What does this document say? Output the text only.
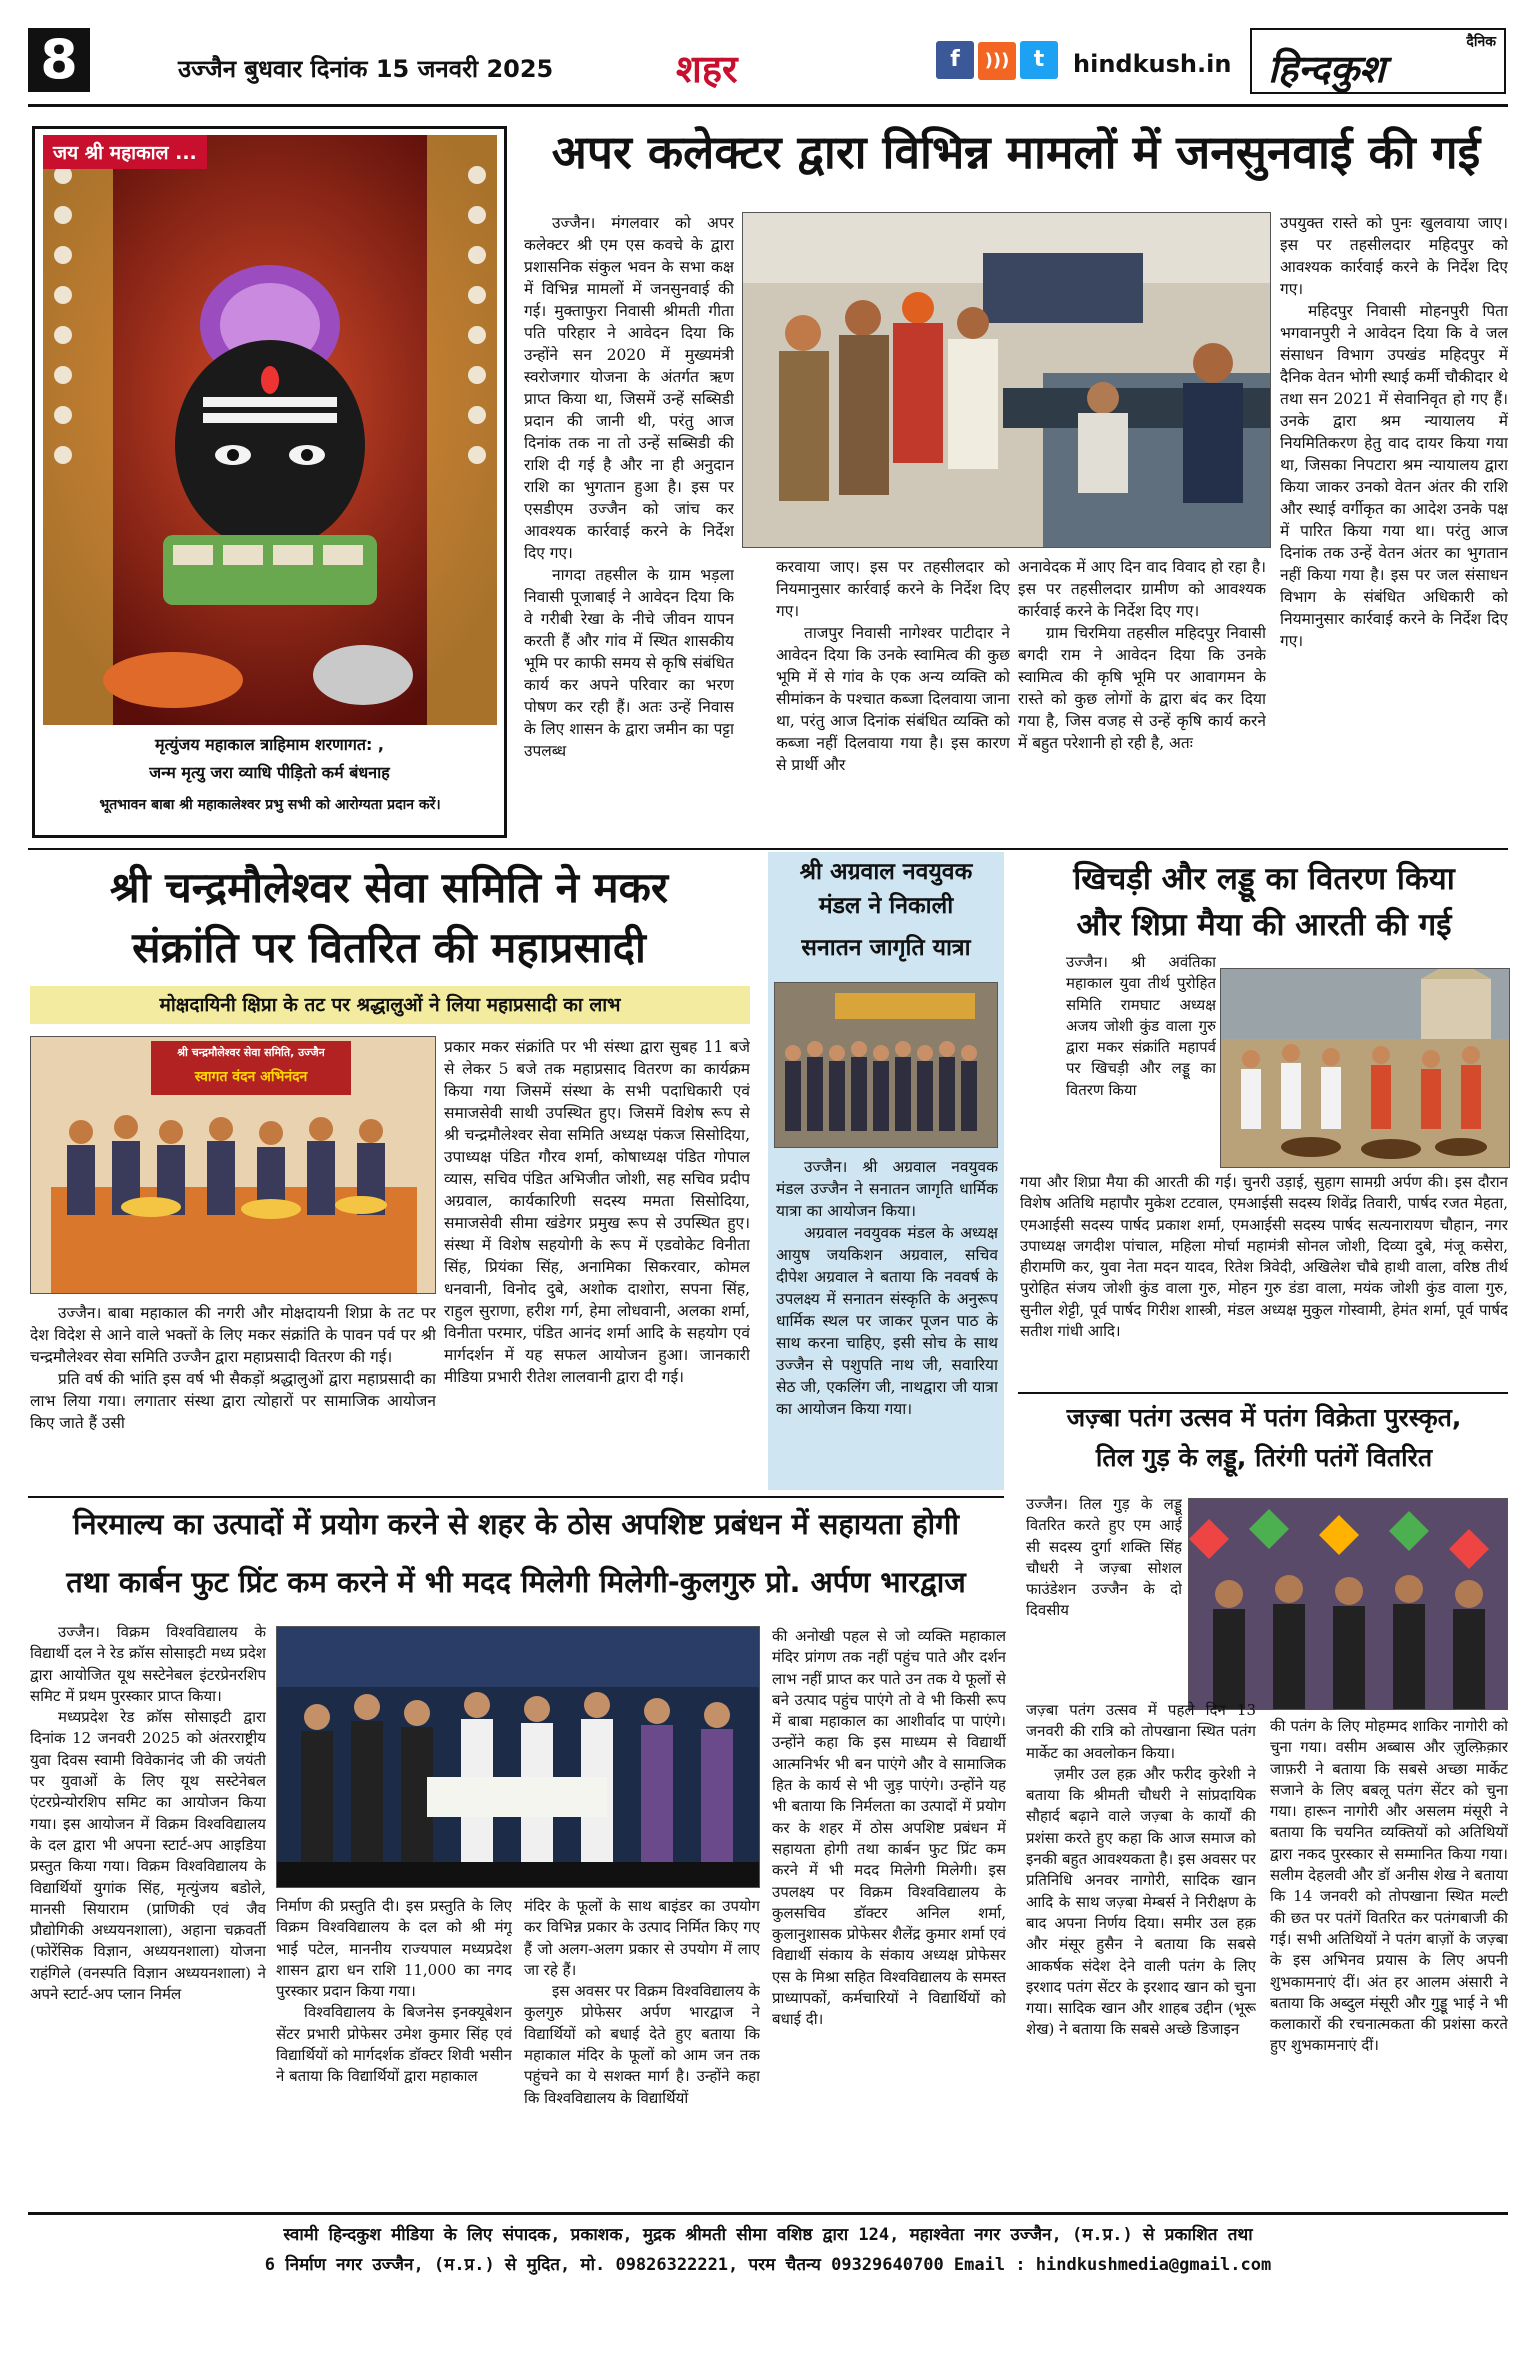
8	उज्जैन बुधवार दिनांक 15 जनवरी 2025	शहर	f ))) t	hindkush.in
दैनिक
हिन्दकुश
जय श्री महाकाल ...
मृत्युंजय महाकाल त्राहिमाम शरणागत: ,
जन्म मृत्यु जरा व्याधि पीड़ितो कर्म बंधनाह
भूतभावन बाबा श्री महाकालेश्वर प्रभु सभी को आरोग्यता प्रदान करें।
अपर कलेक्टर द्वारा विभिन्न मामलों में जनसुनवाई की गई

उज्जैन। मंगलवार को अपर कलेक्टर श्री एम एस कवचे के द्वारा प्रशासनिक संकुल भवन के सभा कक्ष में विभिन्न मामलों में जनसुनवाई की गई। मुक्ताफुरा निवासी श्रीमती गीता पति परिहार ने आवेदन दिया कि उन्होंने सन 2020 में मुख्यमंत्री स्वरोजगार योजना के अंतर्गत ऋण प्राप्त किया था, जिसमें उन्हें सब्सिडी प्रदान की जानी थी, परंतु आज दिनांक तक ना तो उन्हें सब्सिडी की राशि दी गई है और ना ही अनुदान राशि का भुगतान हुआ है। इस पर एसडीएम उज्जैन को जांच कर आवश्यक कार्रवाई करने के निर्देश दिए गए।

नागदा तहसील के ग्राम भड़ला निवासी पूजाबाई ने आवेदन दिया कि वे गरीबी रेखा के नीचे जीवन यापन करती हैं और गांव में स्थित शासकीय भूमि पर काफी समय से कृषि संबंधित कार्य कर अपने परिवार का भरण पोषण कर रही हैं। अतः उन्हें निवास के लिए शासन के द्वारा जमीन का पट्टा उपलब्ध

करवाया जाए। इस पर तहसीलदार को नियमानुसार कार्रवाई करने के निर्देश दिए गए।

ताजपुर निवासी नागेश्वर पाटीदार ने आवेदन दिया कि उनके स्वामित्व की कुछ भूमि में से गांव के एक अन्य व्यक्ति को सीमांकन के पश्चात कब्जा दिलवाया जाना था, परंतु आज दिनांक संबंधित व्यक्ति को कब्जा नहीं दिलवाया गया है। इस कारण से प्रार्थी और

अनावेदक में आए दिन वाद विवाद हो रहा है। इस पर तहसीलदार ग्रामीण को आवश्यक कार्रवाई करने के निर्देश दिए गए।

ग्राम चिरमिया तहसील महिदपुर निवासी बगदी राम ने आवेदन दिया कि उनके स्वामित्व की कृषि भूमि पर आवागमन के रास्ते को कुछ लोगों के द्वारा बंद कर दिया गया है, जिस वजह से उन्हें कृषि कार्य करने में बहुत परेशानी हो रही है, अतः

उपयुक्त रास्ते को पुनः खुलवाया जाए। इस पर तहसीलदार महिदपुर को आवश्यक कार्रवाई करने के निर्देश दिए गए।

महिदपुर निवासी मोहनपुरी पिता भगवानपुरी ने आवेदन दिया कि वे जल संसाधन विभाग उपखंड महिदपुर में दैनिक वेतन भोगी स्थाई कर्मी चौकीदार थे तथा सन 2021 में सेवानिवृत हो गए हैं। उनके द्वारा श्रम न्यायालय में नियमितिकरण हेतु वाद दायर किया गया था, जिसका निपटारा श्रम न्यायालय द्वारा किया जाकर उनको वेतन अंतर की राशि और स्थाई वर्गीकृत का आदेश उनके पक्ष में पारित किया गया था। परंतु आज दिनांक तक उन्हें वेतन अंतर का भुगतान नहीं किया गया है। इस पर जल संसाधन विभाग के संबंधित अधिकारी को नियमानुसार कार्रवाई करने के निर्देश दिए गए।

श्री चन्द्रमौलेश्वर सेवा समिति ने मकर
संक्रांति पर वितरित की महाप्रसादी
मोक्षदायिनी क्षिप्रा के तट पर श्रद्धालुओं ने लिया महाप्रसादी का लाभ
श्री चन्द्रमौलेश्वर सेवा समिति, उज्जैन
स्वागत वंदन अभिनंदन

उज्जैन। बाबा महाकाल की नगरी और मोक्षदायनी शिप्रा के तट पर देश विदेश से आने वाले भक्तों के लिए मकर संक्रांति के पावन पर्व पर श्री चन्द्रमौलेश्वर सेवा समिति उज्जैन द्वारा महाप्रसादी वितरण की गई।

प्रति वर्ष की भांति इस वर्ष भी सैकड़ों श्रद्धालुओं द्वारा महाप्रसादी का लाभ लिया गया। लगातार संस्था द्वारा त्योहारों पर सामाजिक आयोजन किए जाते हैं उसी

प्रकार मकर संक्रांति पर भी संस्था द्वारा सुबह 11 बजे से लेकर 5 बजे तक महाप्रसाद वितरण का कार्यक्रम किया गया जिसमें संस्था के सभी पदाधिकारी एवं समाजसेवी साथी उपस्थित हुए। जिसमें विशेष रूप से श्री चन्द्रमौलेश्वर सेवा समिति अध्यक्ष पंकज सिसोदिया, उपाध्यक्ष पंडित गौरव शर्मा, कोषाध्यक्ष पंडित गोपाल व्यास, सचिव पंडित अभिजीत जोशी, सह सचिव प्रदीप अग्रवाल, कार्यकारिणी सदस्य ममता सिसोदिया, समाजसेवी सीमा खंडेगर प्रमुख रूप से उपस्थित हुए। संस्था में विशेष सहयोगी के रूप में एडवोकेट विनीता सिंह, प्रियंका सिंह, अनामिका सिकरवार, कोमल धनवानी, विनोद दुबे, अशोक दाशोरा, सपना सिंह, राहुल सुराणा, हरीश गर्ग, हेमा लोधवानी, अलका शर्मा, विनीता परमार, पंडित आनंद शर्मा आदि के सहयोग एवं मार्गदर्शन में यह सफल आयोजन हुआ। जानकारी मीडिया प्रभारी रीतेश लालवानी द्वारा दी गई।

श्री अग्रवाल नवयुवक
मंडल ने निकाली
सनातन जागृति यात्रा

उज्जैन। श्री अग्रवाल नवयुवक मंडल उज्जैन ने सनातन जागृति धार्मिक यात्रा का आयोजन किया।

अग्रवाल नवयुवक मंडल के अध्यक्ष आयुष जयकिशन अग्रवाल, सचिव दीपेश अग्रवाल ने बताया कि नववर्ष के उपलक्ष्य में सनातन संस्कृति के अनुरूप धार्मिक स्थल पर जाकर पूजन पाठ के साथ करना चाहिए, इसी सोच के साथ उज्जैन से पशुपति नाथ जी, सवारिया सेठ जी, एकलिंग जी, नाथद्वारा जी यात्रा का आयोजन किया गया।

खिचड़ी और लड्डू का वितरण किया
और शिप्रा मैया की आरती की गई

उज्जैन। श्री अवंतिका महाकाल युवा तीर्थ पुरोहित समिति रामघाट अध्यक्ष अजय जोशी कुंड वाला गुरु द्वारा मकर संक्रांति महापर्व पर खिचड़ी और लड्डू का वितरण किया

गया और शिप्रा मैया की आरती की गई। चुनरी उड़ाई, सुहाग सामग्री अर्पण की। इस दौरान विशेष अतिथि महापौर मुकेश टटवाल, एमआईसी सदस्य शिवेंद्र तिवारी, पार्षद रजत मेहता, एमआईसी सदस्य पार्षद प्रकाश शर्मा, एमआईसी सदस्य पार्षद सत्यनारायण चौहान, नगर उपाध्यक्ष जगदीश पांचाल, महिला मोर्चा महामंत्री सोनल जोशी, दिव्या दुबे, मंजू कसेरा, हीरामणि कर, युवा नेता मदन यादव, रितेश त्रिवेदी, अखिलेश चौबे हाथी वाला, वरिष्ठ तीर्थ पुरोहित संजय जोशी कुंड वाला गुरु, मोहन गुरु डंडा वाला, मयंक जोशी कुंड वाला गुरु, सुनील शेट्टी, पूर्व पार्षद गिरीश शास्त्री, मंडल अध्यक्ष मुकुल गोस्वामी, हेमंत शर्मा, पूर्व पार्षद सतीश गांधी आदि।

जज़्बा पतंग उत्सव में पतंग विक्रेता पुरस्कृत,
तिल गुड़ के लड्डू, तिरंगी पतंगें वितरित

उज्जैन। तिल गुड़ के लड्डू वितरित करते हुए एम आई सी सदस्य दुर्गा शक्ति सिंह चौधरी ने जज़्बा सोशल फाउंडेशन उज्जैन के दो दिवसीय

जज़्बा पतंग उत्सव में पहले दिन 13 जनवरी की रात्रि को तोपखाना स्थित पतंग मार्केट का अवलोकन किया।

ज़मीर उल हक़ और फरीद कुरेशी ने बताया कि श्रीमती चौधरी ने सांप्रदायिक सौहार्द बढ़ाने वाले जज़्बा के कार्यों की प्रशंसा करते हुए कहा कि आज समाज को इनकी बहुत आवश्यकता है। इस अवसर पर प्रतिनिधि अनवर नागोरी, सादिक खान आदि के साथ जज़्बा मेम्बर्स ने निरीक्षण के बाद अपना निर्णय दिया। समीर उल हक़ और मंसूर हुसैन ने बताया कि सबसे आकर्षक संदेश देने वाली पतंग के लिए इरशाद पतंग सेंटर के इरशाद खान को चुना गया। सादिक खान और शाहब उद्दीन (भूरू शेख) ने बताया कि सबसे अच्छे डिजाइन

की पतंग के लिए मोहम्मद शाकिर नागोरी को चुना गया। वसीम अब्बास और ज़ुल्फ़िक़ार जाफ़री ने बताया कि सबसे अच्छा मार्केट सजाने के लिए बबलू पतंग सेंटर को चुना गया। हारून नागोरी और असलम मंसूरी ने बताया कि चयनित व्यक्तियों को अतिथियों द्वारा नकद पुरस्कार से सम्मानित किया गया। सलीम देहलवी और डॉ अनीस शेख ने बताया कि 14 जनवरी को तोपखाना स्थित मल्टी की छत पर पतंगें वितरित कर पतंगबाजी की गई। सभी अतिथियों ने पतंग बाज़ों के जज़्बा के इस अभिनव प्रयास के लिए अपनी शुभकामनाएं दीं। अंत हर आलम अंसारी ने बताया कि अब्दुल मंसूरी और गुड्डू भाई ने भी कलाकारों की रचनात्मकता की प्रशंसा करते हुए शुभकामनाएं दीं।

निरमाल्य का उत्पादों में प्रयोग करने से शहर के ठोस अपशिष्ट प्रबंधन में सहायता होगी
तथा कार्बन फुट प्रिंट कम करने में भी मदद मिलेगी मिलेगी-कुलगुरु प्रो. अर्पण भारद्वाज

उज्जैन। विक्रम विश्वविद्यालय के विद्यार्थी दल ने रेड क्रॉस सोसाइटी मध्य प्रदेश द्वारा आयोजित यूथ सस्टेनेबल इंटरप्रेनरशिप समिट में प्रथम पुरस्कार प्राप्त किया।

मध्यप्रदेश रेड क्रॉस सोसाइटी द्वारा दिनांक 12 जनवरी 2025 को अंतरराष्ट्रीय युवा दिवस स्वामी विवेकानंद जी की जयंती पर युवाओं के लिए यूथ सस्टेनेबल एंटरप्रेन्योरशिप समिट का आयोजन किया गया। इस आयोजन में विक्रम विश्वविद्यालय के दल द्वारा भी अपना स्टार्ट-अप आइडिया प्रस्तुत किया गया। विक्रम विश्वविद्यालय के विद्यार्थियों युगांक सिंह, मृत्युंजय बडोले, मानसी सियाराम (प्राणिकी एवं जैव प्रौद्योगिकी अध्ययनशाला), अहाना चक्रवर्ती (फोरेंसिक विज्ञान, अध्ययनशाला) योजना राहंगिले (वनस्पति विज्ञान अध्ययनशाला) ने अपने स्टार्ट-अप प्लान निर्मल

निर्माण की प्रस्तुति दी। इस प्रस्तुति के लिए विक्रम विश्वविद्यालय के दल को श्री मंगू भाई पटेल, माननीय राज्यपाल मध्यप्रदेश शासन द्वारा धन राशि 11,000 का नगद पुरस्कार प्रदान किया गया।

विश्वविद्यालय के बिजनेस इनक्यूबेशन सेंटर प्रभारी प्रोफेसर उमेश कुमार सिंह एवं विद्यार्थियों को मार्गदर्शक डॉक्टर शिवी भसीन ने बताया कि विद्यार्थियों द्वारा महाकाल

मंदिर के फूलों के साथ बाइंडर का उपयोग कर विभिन्न प्रकार के उत्पाद निर्मित किए गए हैं जो अलग-अलग प्रकार से उपयोग में लाए जा रहे हैं।

इस अवसर पर विक्रम विश्वविद्यालय के कुलगुरु प्रोफेसर अर्पण भारद्वाज ने विद्यार्थियों को बधाई देते हुए बताया कि महाकाल मंदिर के फूलों को आम जन तक पहुंचने का ये सशक्त मार्ग है। उन्होंने कहा कि विश्वविद्यालय के विद्यार्थियों

की अनोखी पहल से जो व्यक्ति महाकाल मंदिर प्रांगण तक नहीं पहुंच पाते और दर्शन लाभ नहीं प्राप्त कर पाते उन तक ये फूलों से बने उत्पाद पहुंच पाएंगे तो वे भी किसी रूप में बाबा महाकाल का आशीर्वाद पा पाएंगे। उन्होंने कहा कि इस माध्यम से विद्यार्थी आत्मनिर्भर भी बन पाएंगे और वे सामाजिक हित के कार्य से भी जुड़ पाएंगे। उन्होंने यह भी बताया कि निर्मलता का उत्पादों में प्रयोग कर के शहर में ठोस अपशिष्ट प्रबंधन में सहायता होगी तथा कार्बन फुट प्रिंट कम करने में भी मदद मिलेगी मिलेगी। इस उपलक्ष्य पर विक्रम विश्वविद्यालय के कुलसचिव डॉक्टर अनिल शर्मा, कुलानुशासक प्रोफेसर शैलेंद्र कुमार शर्मा एवं विद्यार्थी संकाय के संकाय अध्यक्ष प्रोफेसर एस के मिश्रा सहित विश्वविद्यालय के समस्त प्राध्यापकों, कर्मचारियों ने विद्यार्थियों को बधाई दी।

स्वामी हिन्दकुश मीडिया के लिए संपादक, प्रकाशक, मुद्रक श्रीमती सीमा वशिष्ठ द्वारा 124, महाश्वेता नगर उज्जैन, (म.प्र.) से प्रकाशित तथा
6 निर्माण नगर उज्जैन, (म.प्र.) से मुदित, मो. 09826322221, परम चैतन्य 09329640700 Email : hindkushmedia@gmail.com
